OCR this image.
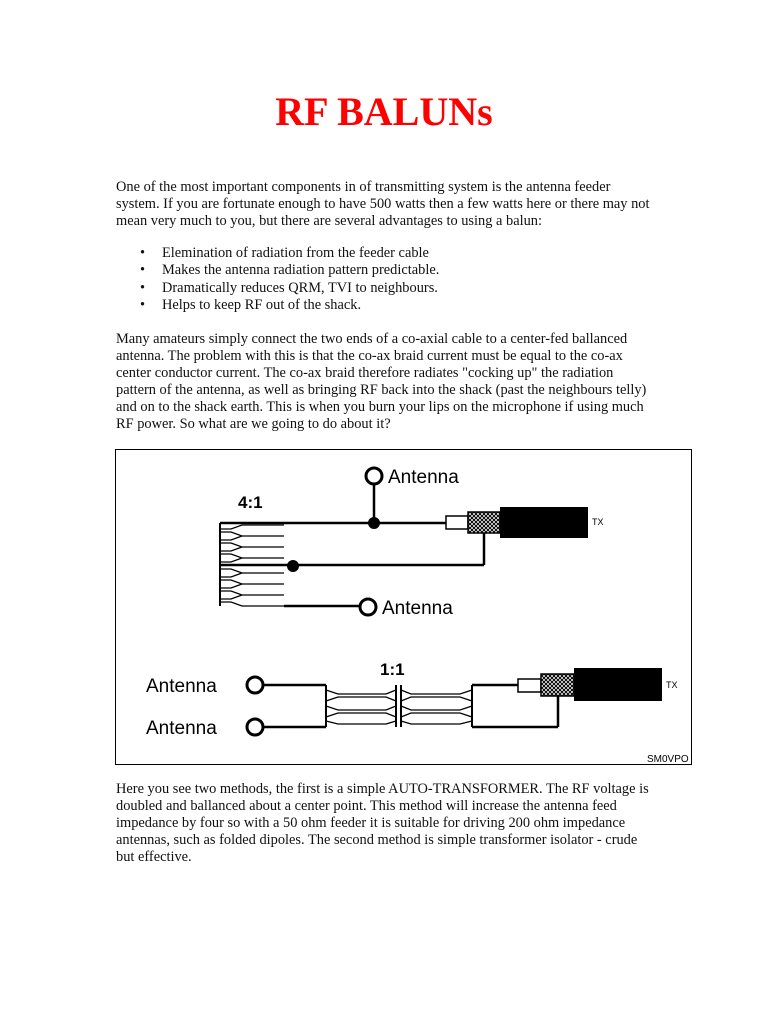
RF BALUNs

One of the most important components in of transmitting system is the antenna feeder system. If you are fortunate enough to have 500 watts then a few watts here or there may not mean very much to you, but there are several advantages to using a balun:

• Elemination of radiation from the feeder cable
• Makes the antenna radiation pattern predictable.
• Dramatically reduces QRM, TVI to neighbours.
• Helps to keep RF out of the shack.

Many amateurs simply connect the two ends of a co-axial cable to a center-fed ballanced antenna. The problem with this is that the co-ax braid current must be equal to the co-ax center conductor current. The co-ax braid therefore radiates "cocking up" the radiation pattern of the antenna, as well as bringing RF back into the shack (past the neighbours telly) and on to the shack earth. This is when you burn your lips on the microphone if using much RF power. So what are we going to do about it?

4:1
Antenna
TX
Antenna
1:1
Antenna
Antenna
TX
SM0VPO

Here you see two methods, the first is a simple AUTO-TRANSFORMER. The RF voltage is doubled and ballanced about a center point. This method will increase the antenna feed impedance by four so with a 50 ohm feeder it is suitable for driving 200 ohm impedance antennas, such as folded dipoles. The second method is simple transformer isolator - crude but effective.
